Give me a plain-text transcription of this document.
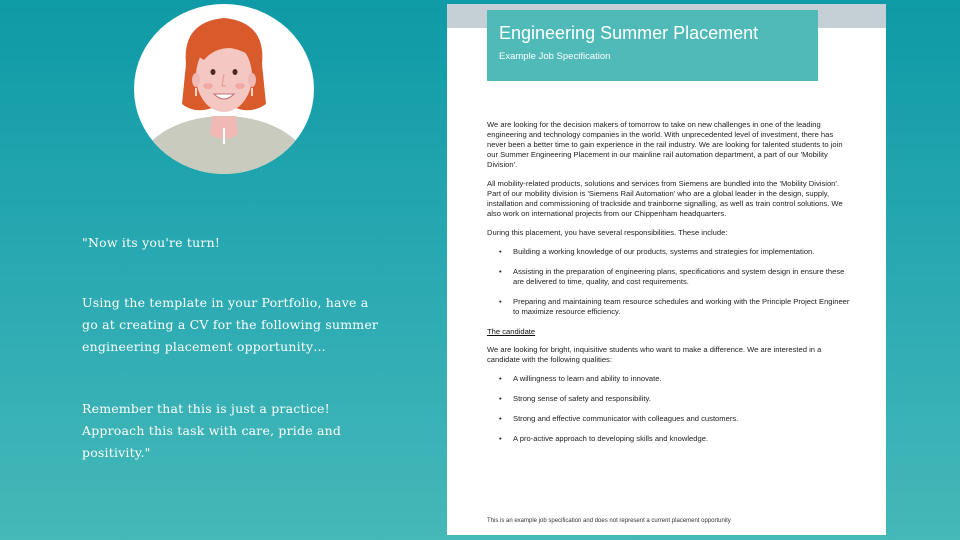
"Now its you're turn!

Using the template in your Portfolio, have a go at creating a CV for the following summer engineering placement opportunity…

Remember that this is just a practice! Approach this task with care, pride and positivity."

Engineering Summer Placement
Example Job Specification

We are looking for the decision makers of tomorrow to take on new challenges in one of the leading engineering and technology companies in the world. With unprecedented level of investment, there has never been a better time to gain experience in the rail industry. We are looking for talented students to join our Summer Engineering Placement in our mainline rail automation department, a part of our 'Mobility Division'.

All mobility-related products, solutions and services from Siemens are bundled into the 'Mobility Division'. Part of our mobility division is 'Siemens Rail Automation' who are a global leader in the design, supply, installation and commissioning of trackside and trainborne signalling, as well as train control solutions. We also work on international projects from our Chippenham headquarters.

During this placement, you have several responsibilities. These include:

• Building a working knowledge of our products, systems and strategies for implementation.
• Assisting in the preparation of engineering plans, specifications and system design in ensure these are delivered to time, quality, and cost requirements.
• Preparing and maintaining team resource schedules and working with the Principle Project Engineer to maximize resource efficiency.

The candidate

We are looking for bright, inquisitive students who want to make a difference. We are interested in a candidate with the following qualities:

• A willingness to learn and ability to innovate.
• Strong sense of safety and responsibility.
• Strong and effective communicator with colleagues and customers.
• A pro-active approach to developing skills and knowledge.
This is an example job specification and does not represent a current placement opportunity
